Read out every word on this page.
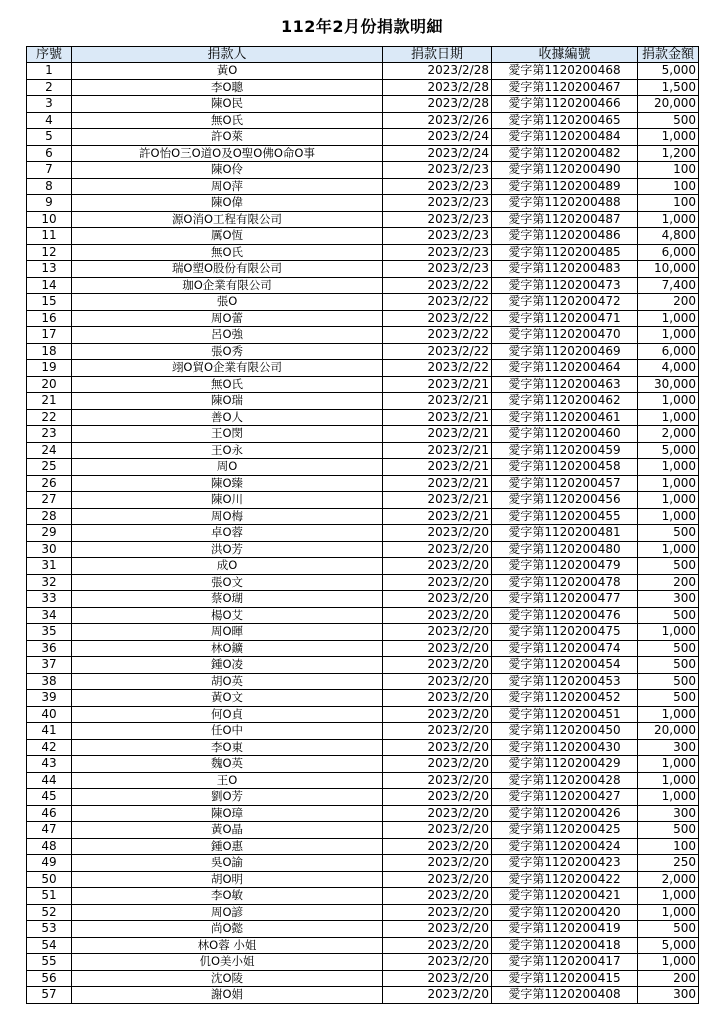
112年2月份捐款明細
序號	捐款人	捐款日期	收據編號	捐款金額
1	黃O	2023/2/28	愛字第1120200468	5,000
2	李O聰	2023/2/28	愛字第1120200467	1,500
3	陳O民	2023/2/28	愛字第1120200466	20,000
4	無O氏	2023/2/26	愛字第1120200465	500
5	許O萊	2023/2/24	愛字第1120200484	1,000
6	許O怡O三O道O及O聖O佛O命O事	2023/2/24	愛字第1120200482	1,200
7	陳O伶	2023/2/23	愛字第1120200490	100
8	周O萍	2023/2/23	愛字第1120200489	100
9	陳O偉	2023/2/23	愛字第1120200488	100
10	源O消O工程有限公司	2023/2/23	愛字第1120200487	1,000
11	厲O恆	2023/2/23	愛字第1120200486	4,800
12	無O氏	2023/2/23	愛字第1120200485	6,000
13	瑞O塑O股份有限公司	2023/2/23	愛字第1120200483	10,000
14	珈O企業有限公司	2023/2/22	愛字第1120200473	7,400
15	張O	2023/2/22	愛字第1120200472	200
16	周O蕾	2023/2/22	愛字第1120200471	1,000
17	呂O強	2023/2/22	愛字第1120200470	1,000
18	張O秀	2023/2/22	愛字第1120200469	6,000
19	翊O貿O企業有限公司	2023/2/22	愛字第1120200464	4,000
20	無O氏	2023/2/21	愛字第1120200463	30,000
21	陳O瑞	2023/2/21	愛字第1120200462	1,000
22	善O人	2023/2/21	愛字第1120200461	1,000
23	王O閔	2023/2/21	愛字第1120200460	2,000
24	王O永	2023/2/21	愛字第1120200459	5,000
25	周O	2023/2/21	愛字第1120200458	1,000
26	陳O臻	2023/2/21	愛字第1120200457	1,000
27	陳O川	2023/2/21	愛字第1120200456	1,000
28	周O梅	2023/2/21	愛字第1120200455	1,000
29	卓O蓉	2023/2/20	愛字第1120200481	500
30	洪O芳	2023/2/20	愛字第1120200480	1,000
31	成O	2023/2/20	愛字第1120200479	500
32	張O文	2023/2/20	愛字第1120200478	200
33	蔡O瑚	2023/2/20	愛字第1120200477	300
34	楊O艾	2023/2/20	愛字第1120200476	500
35	周O暉	2023/2/20	愛字第1120200475	1,000
36	林O鑛	2023/2/20	愛字第1120200474	500
37	鍾O凌	2023/2/20	愛字第1120200454	500
38	胡O英	2023/2/20	愛字第1120200453	500
39	黃O文	2023/2/20	愛字第1120200452	500
40	何O貞	2023/2/20	愛字第1120200451	1,000
41	任O中	2023/2/20	愛字第1120200450	20,000
42	李O東	2023/2/20	愛字第1120200430	300
43	魏O英	2023/2/20	愛字第1120200429	1,000
44	王O	2023/2/20	愛字第1120200428	1,000
45	劉O芳	2023/2/20	愛字第1120200427	1,000
46	陳O璋	2023/2/20	愛字第1120200426	300
47	黃O晶	2023/2/20	愛字第1120200425	500
48	鍾O惠	2023/2/20	愛字第1120200424	100
49	吳O諭	2023/2/20	愛字第1120200423	250
50	胡O明	2023/2/20	愛字第1120200422	2,000
51	李O敏	2023/2/20	愛字第1120200421	1,000
52	周O諺	2023/2/20	愛字第1120200420	1,000
53	尚O懿	2023/2/20	愛字第1120200419	500
54	林O蓉 小姐	2023/2/20	愛字第1120200418	5,000
55	仉O美小姐	2023/2/20	愛字第1120200417	1,000
56	沈O陵	2023/2/20	愛字第1120200415	200
57	謝O娟	2023/2/20	愛字第1120200408	300
